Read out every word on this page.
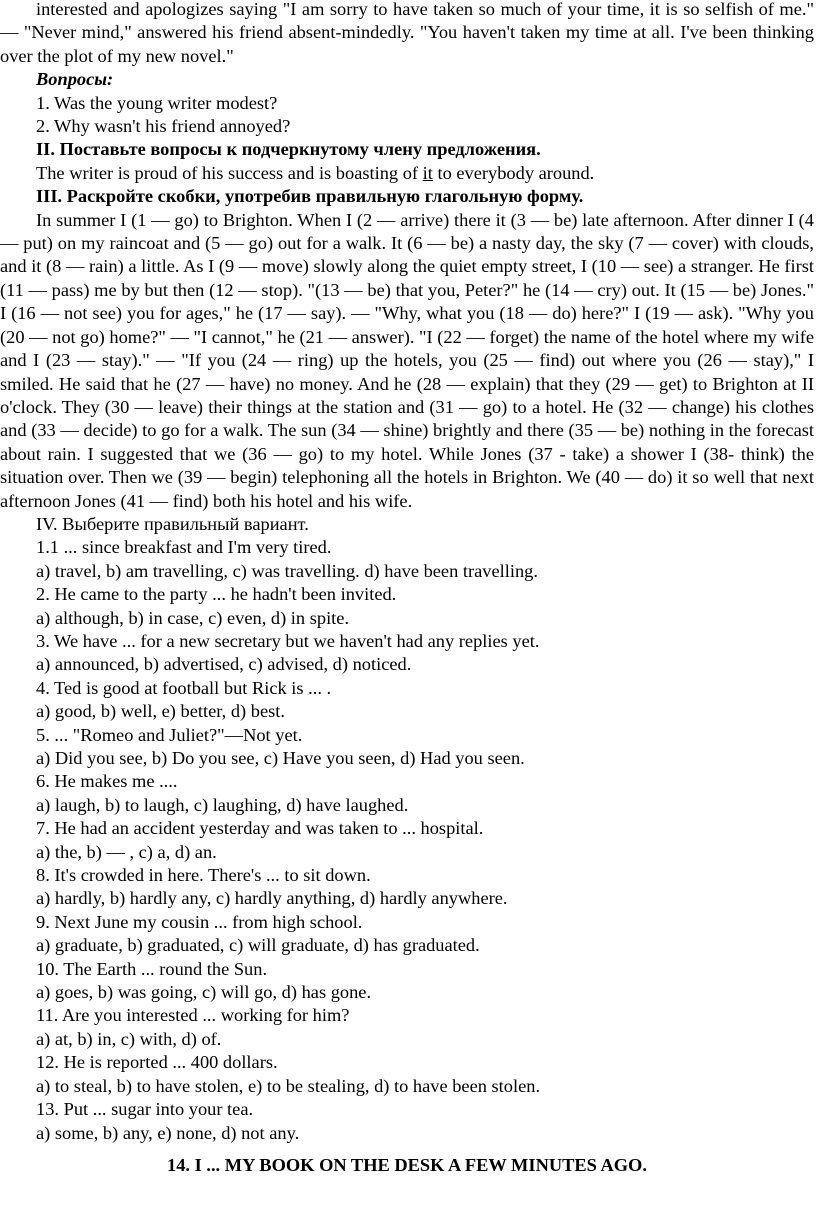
interested and apologizes saying "I am sorry to have taken so much of your time, it is so selfish of me." — "Never mind," answered his friend absent-mindedly. "You haven't taken my time at all. I've been thinking over the plot of my new novel."

Вопросы:

1. Was the young writer modest?

2. Why wasn't his friend annoyed?

II. Поставьте вопросы к подчеркнутому члену предложения.

The writer is proud of his success and is boasting of it to everybody around.

III. Раскройте скобки, употребив правильную глагольную форму.

In summer I (1 — go) to Brighton. When I (2 — arrive) there it (3 — be) late afternoon. After dinner I (4 — put) on my raincoat and (5 — go) out for a walk. It (6 — be) a nasty day, the sky (7 — cover) with clouds, and it (8 — rain) a little. As I (9 — move) slowly along the quiet empty street, I (10 — see) a stranger. He first (11 — pass) me by but then (12 — stop). "(13 — be) that you, Peter?" he (14 — cry) out. It (15 — be) Jones." I (16 — not see) you for ages," he (17 — say). — "Why, what you (18 — do) here?" I (19 — ask). "Why you (20 — not go) home?" — "I cannot," he (21 — answer). "I (22 — forget) the name of the hotel where my wife and I (23 — stay)." — "If you (24 — ring) up the hotels, you (25 — find) out where you (26 — stay)," I smiled. He said that he (27 — have) no money. And he (28 — explain) that they (29 — get) to Brighton at II o'clock. They (30 — leave) their things at the station and (31 — go) to a hotel. He (32 — change) his clothes and (33 — decide) to go for a walk. The sun (34 — shine) brightly and there (35 — be) nothing in the forecast about rain. I suggested that we (36 — go) to my hotel. While Jones (37 - take) a shower I (38- think) the situation over. Then we (39 — begin) telephoning all the hotels in Brighton. We (40 — do) it so well that next afternoon Jones (41 — find) both his hotel and his wife.

IV. Выберите правильный вариант.

1.1 ... since breakfast and I'm very tired.

a) travel, b) am travelling, c) was travelling. d) have been travelling.

2. He came to the party ... he hadn't been invited.

a) although, b) in case, c) even, d) in spite.

3. We have ... for a new secretary but we haven't had any replies yet.

a) announced, b) advertised, c) advised, d) noticed.

4. Ted is good at football but Rick is ... .

a) good, b) well, e) better, d) best.

5. ... "Romeo and Juliet?"—Not yet.

a) Did you see, b) Do you see, c) Have you seen, d) Had you seen.

6. He makes me ....

a) laugh, b) to laugh, c) laughing, d) have laughed.

7. He had an accident yesterday and was taken to ... hospital.

a) the, b) — , c) a, d) an.

8. It's crowded in here. There's ... to sit down.

a) hardly, b) hardly any, c) hardly anything, d) hardly anywhere.

9. Next June my cousin ... from high school.

a) graduate, b) graduated, c) will graduate, d) has graduated.

10. The Earth ... round the Sun.

a) goes, b) was going, c) will go, d) has gone.

11. Are you interested ... working for him?

a) at, b) in, c) with, d) of.

12. He is reported ... 400 dollars.

a) to steal, b) to have stolen, e) to be stealing, d) to have been stolen.

13. Put ... sugar into your tea.

a) some, b) any, e) none, d) not any.

14. I ... MY BOOK ON THE DESK A FEW MINUTES AGO.
